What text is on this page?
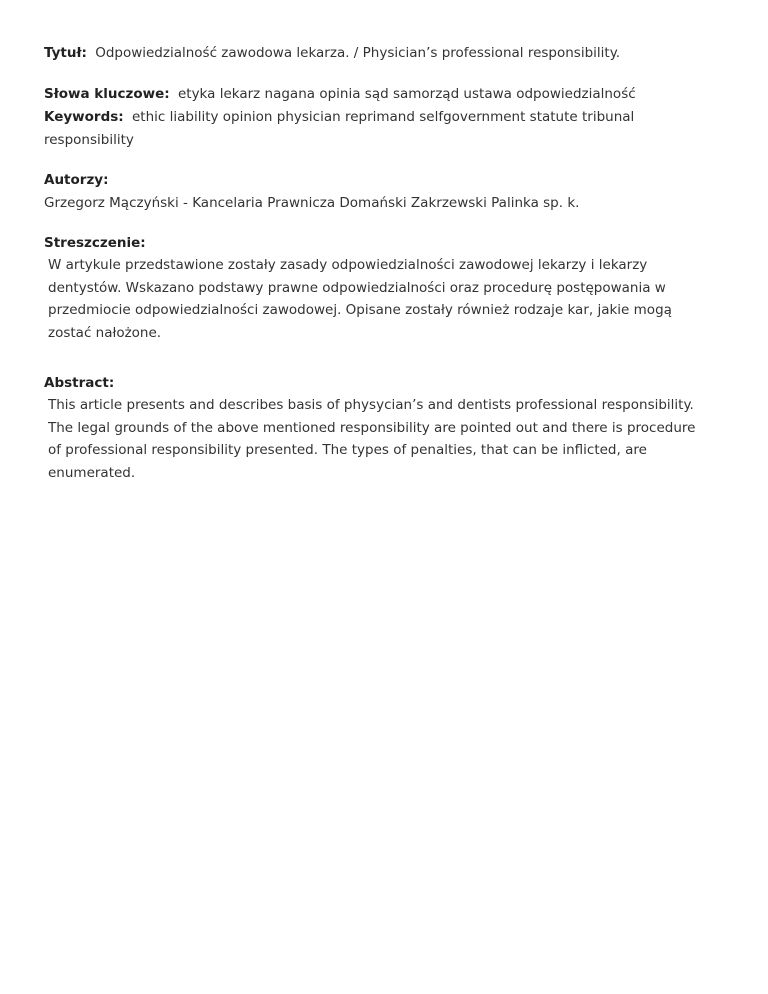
Tytuł: Odpowiedzialność zawodowa lekarza. / Physician’s professional responsibility.
Słowa kluczowe: etyka lekarz nagana opinia sąd samorząd ustawa odpowiedzialność
Keywords: ethic liability opinion physician reprimand selfgovernment statute tribunal
responsibility
Autorzy:
Grzegorz Mączyński - Kancelaria Prawnicza Domański Zakrzewski Palinka sp. k.
Streszczenie:
W artykule przedstawione zostały zasady odpowiedzialności zawodowej lekarzy i lekarzy
dentystów. Wskazano podstawy prawne odpowiedzialności oraz procedurę postępowania w
przedmiocie odpowiedzialności zawodowej. Opisane zostały również rodzaje kar, jakie mogą
zostać nałożone.
Abstract:
This article presents and describes basis of physycian’s and dentists professional responsibility.
The legal grounds of the above mentioned responsibility are pointed out and there is procedure
of professional responsibility presented. The types of penalties, that can be inflicted, are
enumerated.
